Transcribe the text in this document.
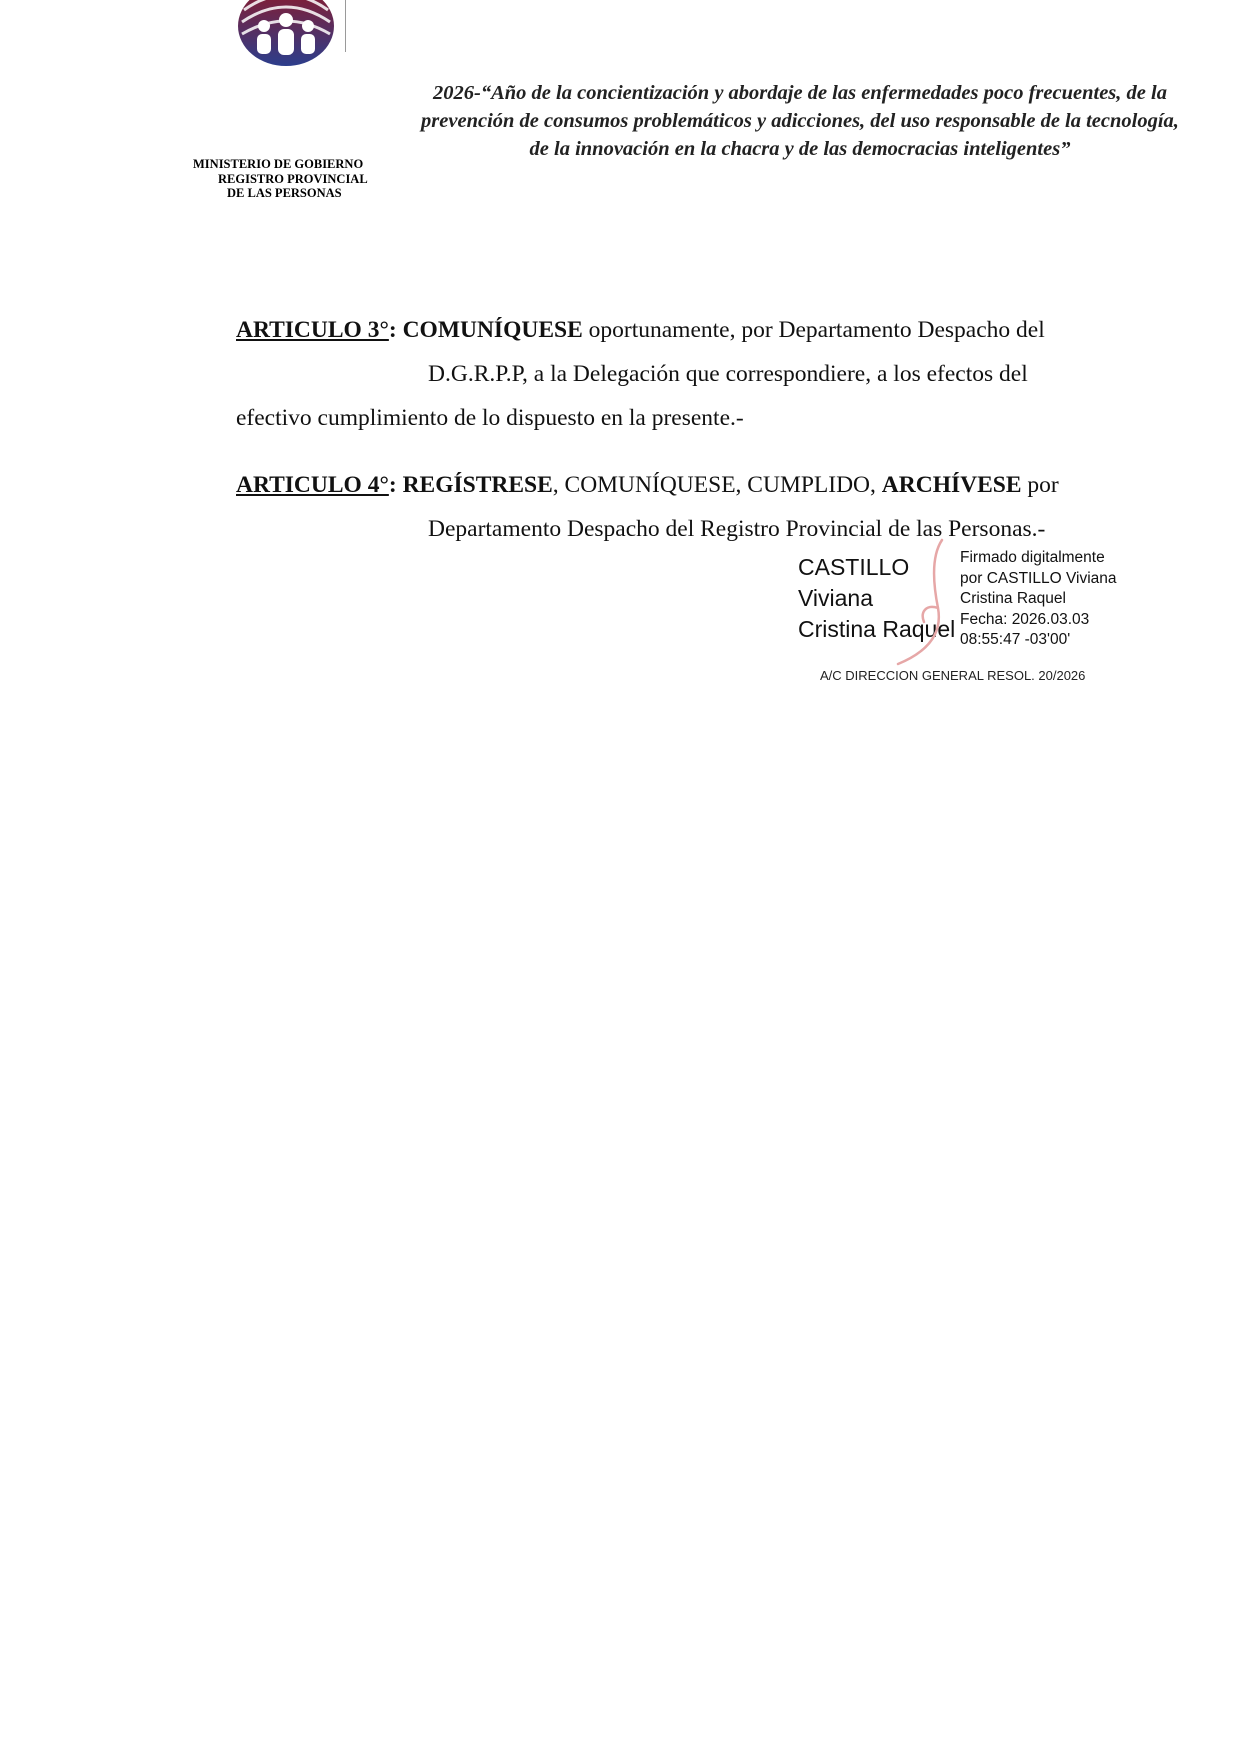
MINISTERIO DE GOBIERNO
REGISTRO PROVINCIAL
DE LAS PERSONAS
2026-“Año de la concientización y abordaje de las enfermedades poco frecuentes, de la prevención de consumos problemáticos y adicciones, del uso responsable de la tecnología, de la innovación en la chacra y de las democracias inteligentes”

ARTICULO 3°: COMUNÍQUESE oportunamente, por Departamento Despacho del

D.G.R.P.P, a la Delegación que correspondiere, a los efectos del

efectivo cumplimiento de lo dispuesto en la presente.-

ARTICULO 4°: REGÍSTRESE, COMUNÍQUESE, CUMPLIDO, ARCHÍVESE por

Departamento Despacho del Registro Provincial de las Personas.-

CASTILLO
Viviana
Cristina Raquel
Firmado digitalmente
por CASTILLO Viviana
Cristina Raquel
Fecha: 2026.03.03
08:55:47 -03'00'
A/C DIRECCION GENERAL RESOL. 20/2026
